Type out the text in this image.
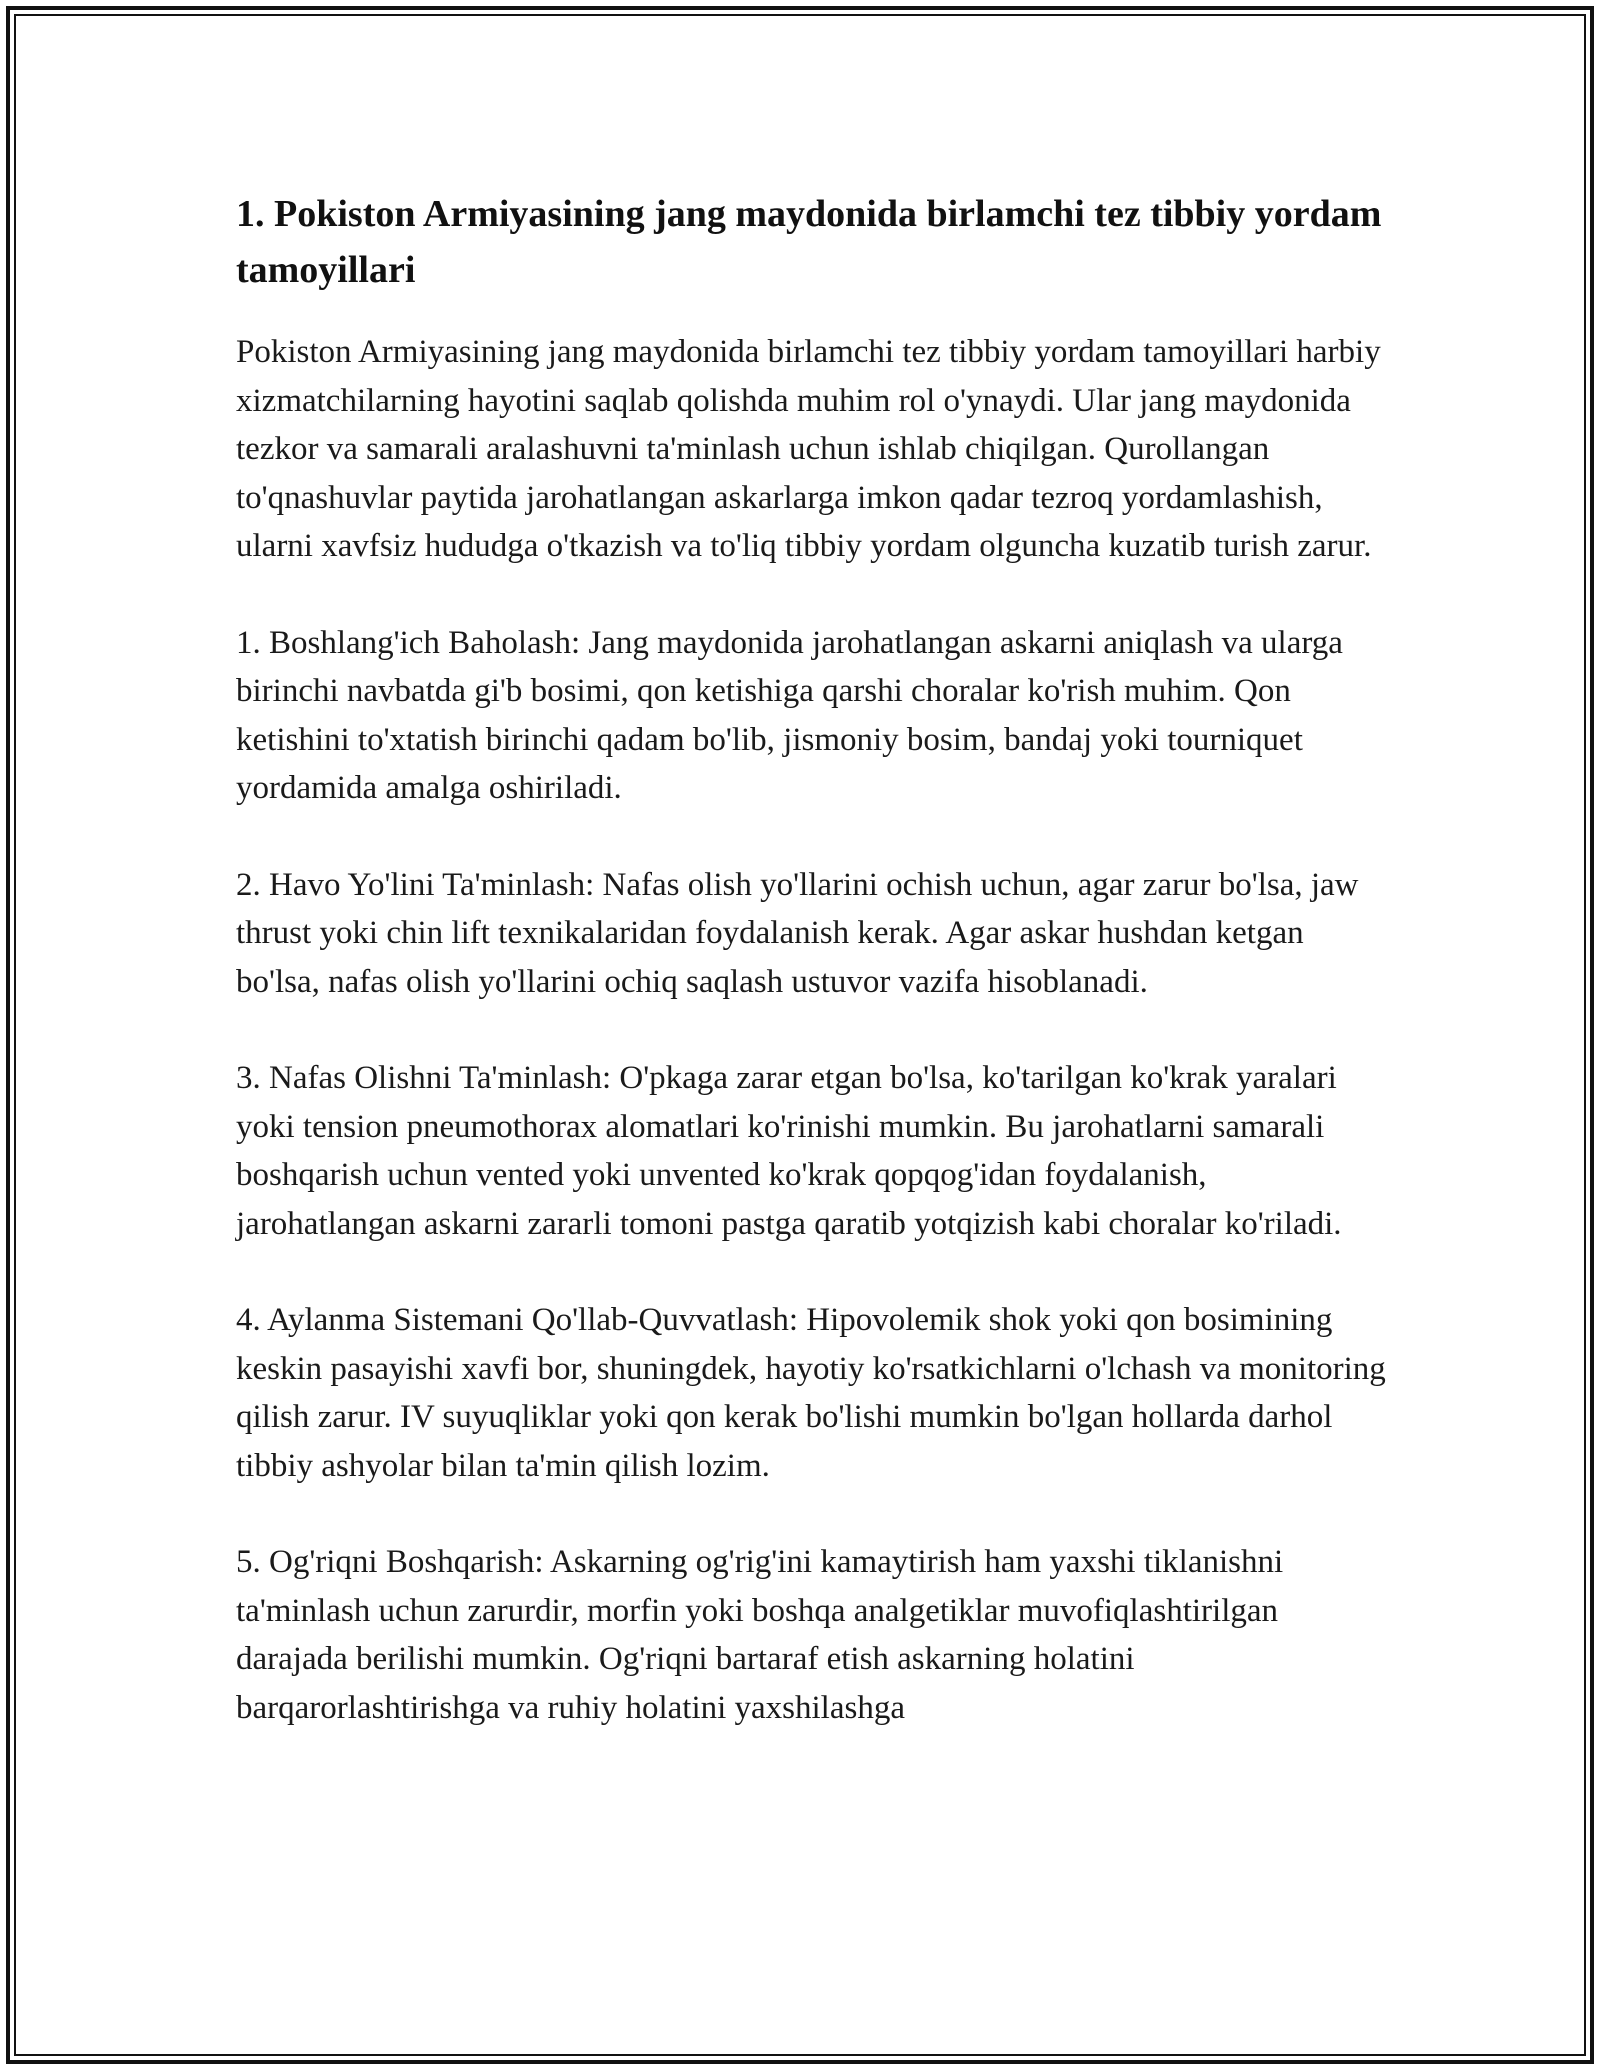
1. Pokiston Armiyasining jang maydonida birlamchi tez tibbiy yordam tamoyillari

Pokiston Armiyasining jang maydonida birlamchi tez tibbiy yordam tamoyillari harbiy xizmatchilarning hayotini saqlab qolishda muhim rol o'ynaydi. Ular jang maydonida tezkor va samarali aralashuvni ta'minlash uchun ishlab chiqilgan. Qurollangan to'qnashuvlar paytida jarohatlangan askarlarga imkon qadar tezroq yordamlashish, ularni xavfsiz hududga o'tkazish va to'liq tibbiy yordam olguncha kuzatib turish zarur.

1. Boshlang'ich Baholash: Jang maydonida jarohatlangan askarni aniqlash va ularga birinchi navbatda gi'b bosimi, qon ketishiga qarshi choralar ko'rish muhim. Qon ketishini to'xtatish birinchi qadam bo'lib, jismoniy bosim, bandaj yoki tourniquet yordamida amalga oshiriladi.

2. Havo Yo'lini Ta'minlash: Nafas olish yo'llarini ochish uchun, agar zarur bo'lsa, jaw thrust yoki chin lift texnikalaridan foydalanish kerak. Agar askar hushdan ketgan bo'lsa, nafas olish yo'llarini ochiq saqlash ustuvor vazifa hisoblanadi.

3. Nafas Olishni Ta'minlash: O'pkaga zarar etgan bo'lsa, ko'tarilgan ko'krak yaralari yoki tension pneumothorax alomatlari ko'rinishi mumkin. Bu jarohatlarni samarali boshqarish uchun vented yoki unvented ko'krak qopqog'idan foydalanish, jarohatlangan askarni zararli tomoni pastga qaratib yotqizish kabi choralar ko'riladi.

4. Aylanma Sistemani Qo'llab-Quvvatlash: Hipovolemik shok yoki qon bosimining keskin pasayishi xavfi bor, shuningdek, hayotiy ko'rsatkichlarni o'lchash va monitoring qilish zarur. IV suyuqliklar yoki qon kerak bo'lishi mumkin bo'lgan hollarda darhol tibbiy ashyolar bilan ta'min qilish lozim.

5. Og'riqni Boshqarish: Askarning og'rig'ini kamaytirish ham yaxshi tiklanishni ta'minlash uchun zarurdir, morfin yoki boshqa analgetiklar muvofiqlashtirilgan darajada berilishi mumkin. Og'riqni bartaraf etish askarning holatini barqarorlashtirishga va ruhiy holatini yaxshilashga
